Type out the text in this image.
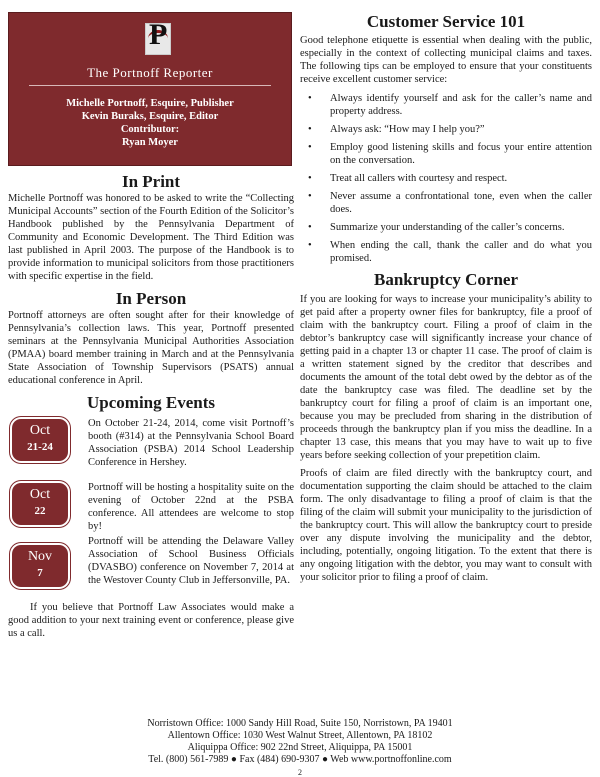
P
The Portnoff Reporter
Michelle Portnoff, Esquire, Publisher
Kevin Buraks, Esquire, Editor
Contributor:
Ryan Moyer
In Print

Michelle Portnoff was honored to be asked to write the “Collecting Municipal Accounts” section of the Fourth Edition of the Solicitor’s Handbook published by the Pennsylvania Department of Community and Economic Development. The Third Edition was last published in April 2003. The purpose of the Handbook is to provide information to municipal solicitors from those practitioners with specific expertise in the field.

In Person

Portnoff attorneys are often sought after for their knowledge of Pennsylvania’s collection laws. This year, Portnoff presented seminars at the Pennsylvania Municipal Authorities Association (PMAA) board member training in March and at the Pennsylvania State Association of Township Supervisors (PSATS) annual educational conference in April.

Upcoming Events
Oct
21-24

On October 21-24, 2014, come visit Portnoff’s booth (#314) at the Pennsylvania School Board Association (PSBA) 2014 School Leadership Conference in Hershey.

Oct
22

Portnoff will be hosting a hospitality suite on the evening of October 22nd at the PSBA conference. All attendees are welcome to stop by!

Nov
7

Portnoff will be attending the Delaware Valley Association of School Business Officials (DVASBO) conference on November 7, 2014 at the Westover County Club in Jeffersonville, PA.

If you believe that Portnoff Law Associates would make a good addition to your next training event or conference, please give us a call.

Customer Service 101

Good telephone etiquette is essential when dealing with the public, especially in the context of collecting municipal claims and taxes. The following tips can be employed to ensure that your constituents receive excellent customer service:

• Always identify yourself and ask for the caller’s name and property address.
• Always ask: “How may I help you?”
• Employ good listening skills and focus your entire attention on the conversation.
• Treat all callers with courtesy and respect.
• Never assume a confrontational tone, even when the caller does.
• Summarize your understanding of the caller’s concerns.
• When ending the call, thank the caller and do what you promised.
Bankruptcy Corner

If you are looking for ways to increase your municipality’s ability to get paid after a property owner files for bankruptcy, file a proof of claim with the bankruptcy court. Filing a proof of claim in the debtor’s bankruptcy case will significantly increase your chance of getting paid in a chapter 13 or chapter 11 case. The proof of claim is a written statement signed by the creditor that describes and documents the amount of the total debt owed by the debtor as of the date the bankruptcy case was filed. The deadline set by the bankruptcy court for filing a proof of claim is an important one, because you may be precluded from sharing in the distribution of proceeds through the bankruptcy plan if you miss the deadline. In a chapter 13 case, this means that you may have to wait up to five years before seeking collection of your prepetition claim.

Proofs of claim are filed directly with the bankruptcy court, and documentation supporting the claim should be attached to the claim form. The only disadvantage to filing a proof of claim is that the filing of the claim will submit your municipality to the jurisdiction of the bankruptcy court. This will allow the bankruptcy court to preside over any dispute involving the municipality and the debtor, including, potentially, ongoing litigation. To the extent that there is any ongoing litigation with the debtor, you may want to consult with your solicitor prior to filing a proof of claim.

Norristown Office: 1000 Sandy Hill Road, Suite 150, Norristown, PA 19401
Allentown Office: 1030 West Walnut Street, Allentown, PA 18102
Aliquippa Office: 902 22nd Street, Aliquippa, PA 15001
Tel. (800) 561-7989 ● Fax (484) 690-9307 ● Web www.portnoffonline.com
2
